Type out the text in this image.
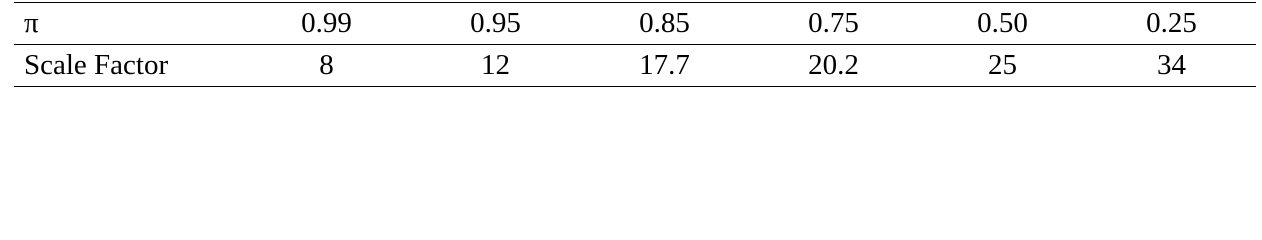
π	0.99	0.95	0.85	0.75	0.50	0.25
Scale Factor	8	12	17.7	20.2	25	34
